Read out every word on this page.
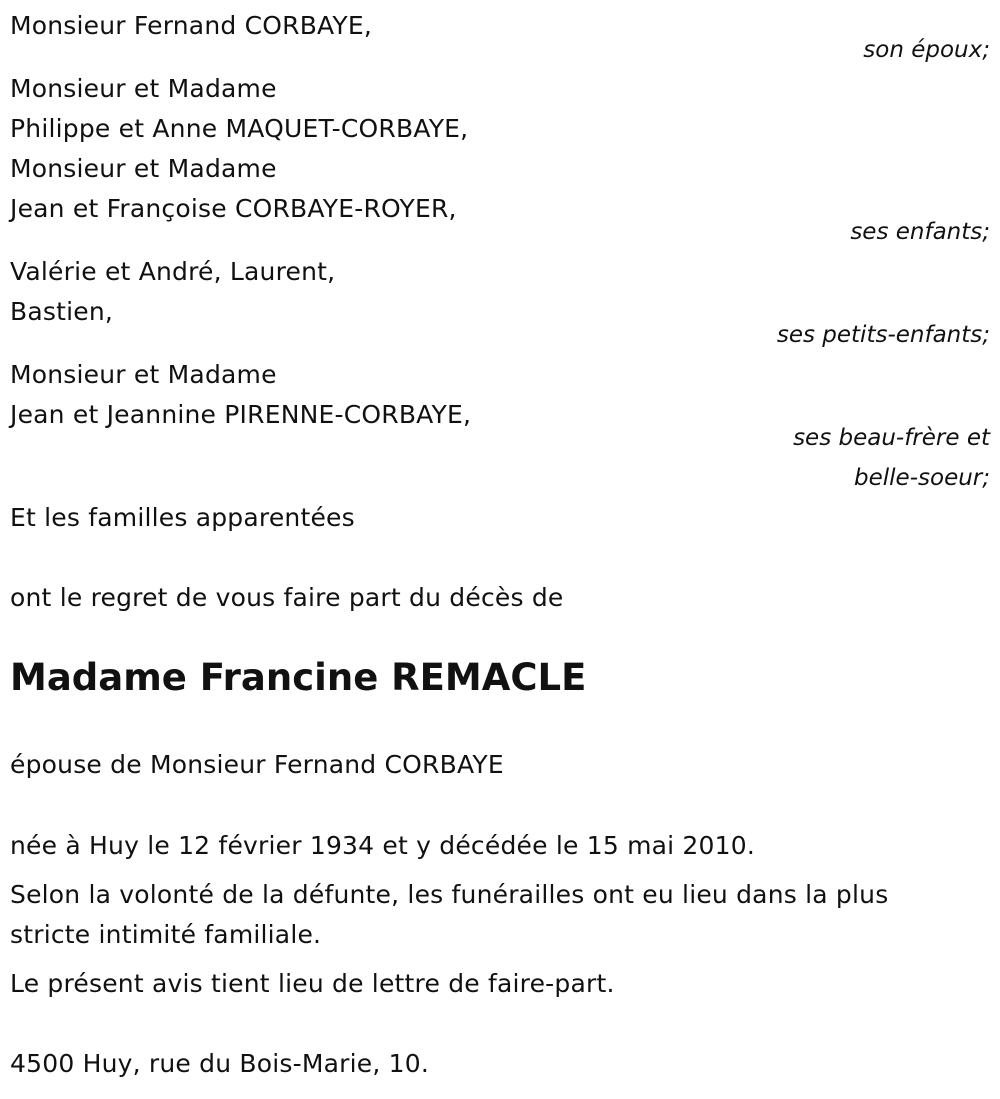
Monsieur Fernand CORBAYE,
son époux;
Monsieur et Madame
Philippe et Anne MAQUET-CORBAYE,
Monsieur et Madame
Jean et Françoise CORBAYE-ROYER,
ses enfants;
Valérie et André, Laurent,
Bastien,
ses petits-enfants;
Monsieur et Madame
Jean et Jeannine PIRENNE-CORBAYE,
ses beau-frère et
belle-soeur;
Et les familles apparentées
ont le regret de vous faire part du décès de
Madame Francine REMACLE
épouse de Monsieur Fernand CORBAYE
née à Huy le 12 février 1934 et y décédée le 15 mai 2010.
Selon la volonté de la défunte, les funérailles ont eu lieu dans la plus
stricte intimité familiale.
Le présent avis tient lieu de lettre de faire-part.
4500 Huy, rue du Bois-Marie, 10.
